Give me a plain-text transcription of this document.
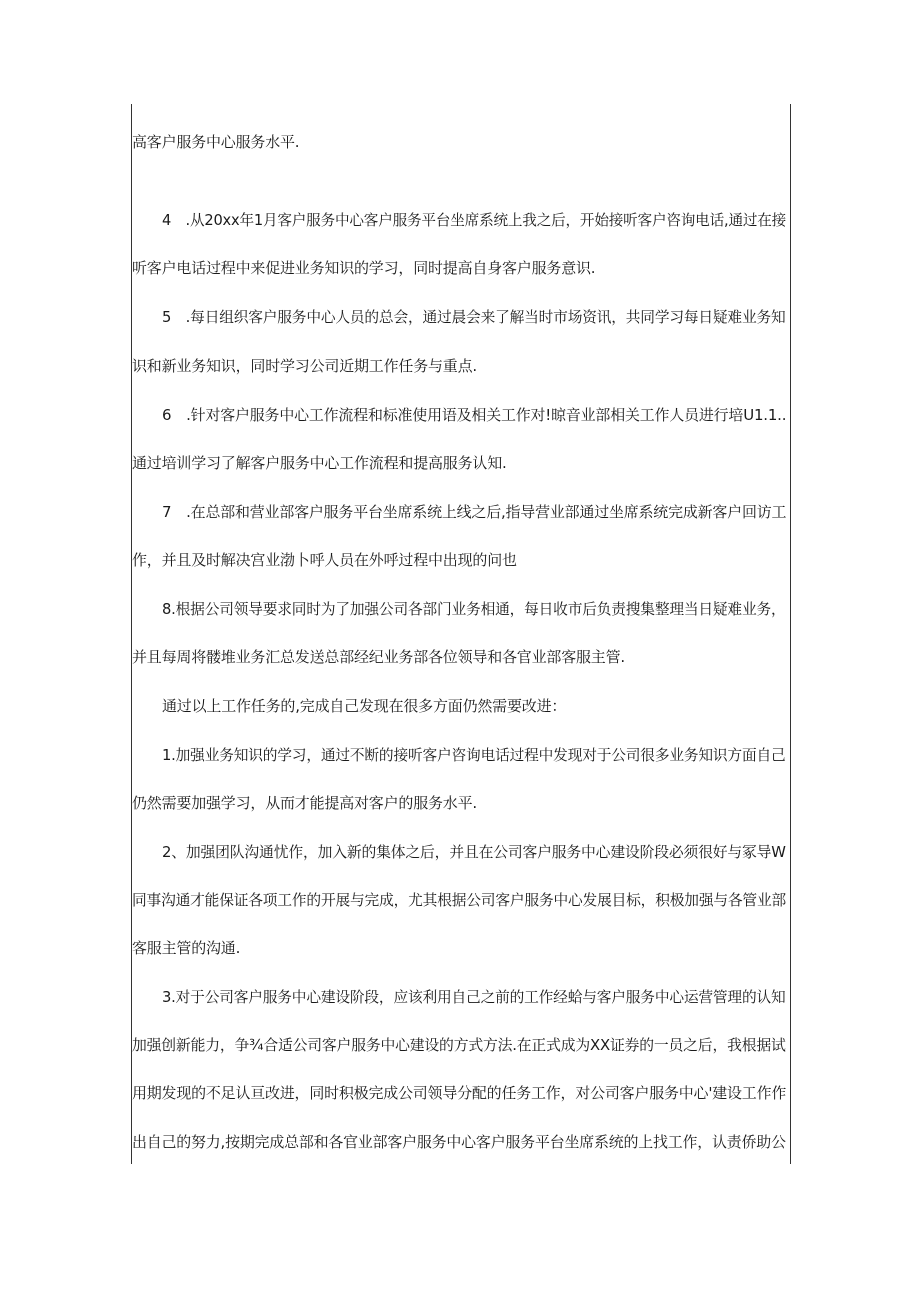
高客户服务中心服务水平.
4　.从20xx年1月客户服务中心客户服务平台坐席系统上我之后，开始接听客户咨询电话,通过在接
听客户电话过程中来促进业务知识的学习，同时提高自身客户服务意识.
5　.每日组织客户服务中心人员的总会，通过晨会来了解当时市场资讯，共同学习每日疑难业务知
识和新业务知识，同时学习公司近期工作任务与重点.
6　.针对客户服务中心工作流程和标准使用语及相关工作对!晾音业部相关工作人员进行培U1.1..
通过培训学习了解客户服务中心工作流程和提高服务认知.
7　.在总部和营业部客户服务平台坐席系统上线之后,指导营业部通过坐席系统完成新客户回访工
作，并且及时解决宫业渤卜呼人员在外呼过程中出现的问也
8.根据公司领导要求同时为了加强公司各部门业务相通，每日收市后负责搜集整理当日疑难业务，
并且每周将髅堆业务汇总发送总部经纪业务部各位领导和各官业部客服主管.
通过以上工作任务的,完成自己发现在很多方面仍然需要改进：
1.加强业务知识的学习，通过不断的接听客户咨询电话过程中发现对于公司很多业务知识方面自己
仍然需要加强学习，从而才能提高对客户的服务水平.
2、加强团队沟通忧作，加入新的集体之后，并且在公司客户服务中心建设阶段必须很好与冢导W
同事沟通才能保证各项工作的开展与完成，尤其根据公司客户服务中心发展目标，积极加强与各管业部
客服主管的沟通.
3.对于公司客户服务中心建设阶段，应该利用自己之前的工作经蛤与客户服务中心运营管理的认知
加强创新能力，争¾合适公司客户服务中心建设的方式方法.在正式成为XX证券的一员之后，我根据试
用期发现的不足认亘改进，同时积极完成公司领导分配的任务工作，对公司客户服务中心'建设工作作
出自己的努力,按期完成总部和各官业部客户服务中心客户服务平台坐席系统的上找工作，认责侨助公
